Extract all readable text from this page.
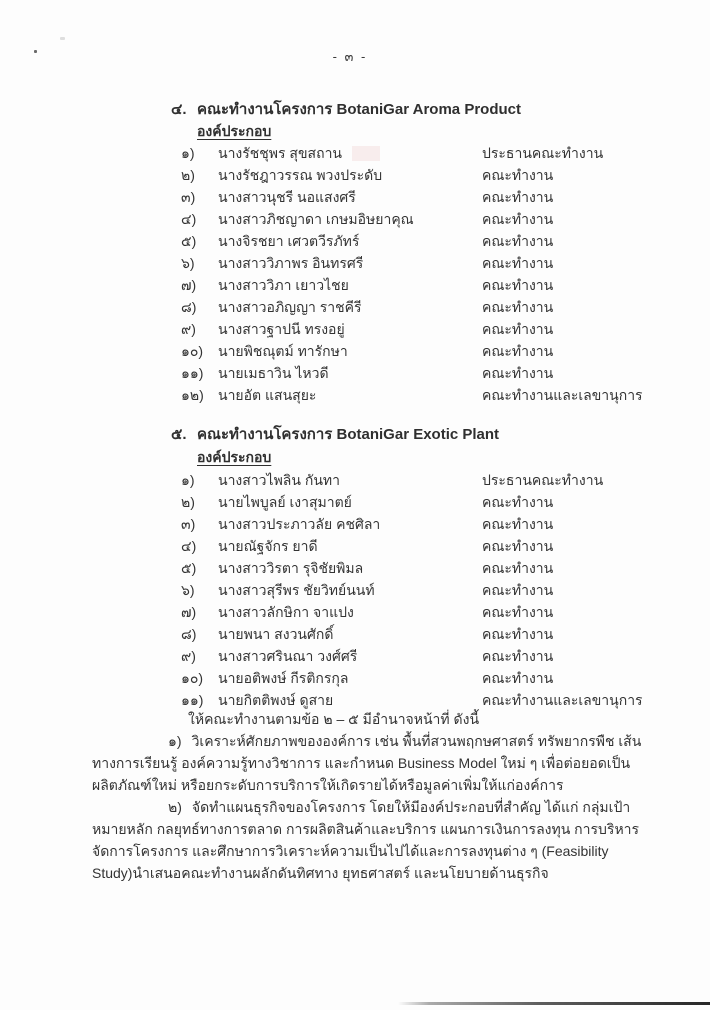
- ๓ -
๔. คณะทำงานโครงการ BotaniGar Aroma Product
องค์ประกอบ
๑)	นางรัชชุพร สุขสถาน	ประธานคณะทำงาน
๒)	นางรัชฎาวรรณ พวงประดับ	คณะทำงาน
๓)	นางสาวนุชรี นอแสงศรี	คณะทำงาน
๔)	นางสาวภิชญาดา เกษมอิษยาคุณ	คณะทำงาน
๕)	นางจิรชยา เศวตวีรภัทร์	คณะทำงาน
๖)	นางสาววิภาพร อินทรศรี	คณะทำงาน
๗)	นางสาววิภา เยาวไชย	คณะทำงาน
๘)	นางสาวอภิญญา ราชคีรี	คณะทำงาน
๙)	นางสาวฐาปนี ทรงอยู่	คณะทำงาน
๑๐)	นายพิชณุตม์ ทารักษา	คณะทำงาน
๑๑)	นายเมธาวิน ไหวดี	คณะทำงาน
๑๒)	นายอัต แสนสุยะ	คณะทำงานและเลขานุการ
๕. คณะทำงานโครงการ BotaniGar Exotic Plant
องค์ประกอบ
๑)	นางสาวไพลิน กันทา	ประธานคณะทำงาน
๒)	นายไพบูลย์ เงาสุมาตย์	คณะทำงาน
๓)	นางสาวประภาวลัย คชศิลา	คณะทำงาน
๔)	นายณัฐจักร ยาดี	คณะทำงาน
๕)	นางสาววิรตา รุจิชัยพิมล	คณะทำงาน
๖)	นางสาวสุรีพร ชัยวิทย์นนท์	คณะทำงาน
๗)	นางสาวลักษิกา จาแปง	คณะทำงาน
๘)	นายพนา สงวนศักดิ์	คณะทำงาน
๙)	นางสาวศรินณา วงศ์ศรี	คณะทำงาน
๑๐)	นายอติพงษ์ กีรติกรกุล	คณะทำงาน
๑๑)	นายกิตติพงษ์ ดูสาย	คณะทำงานและเลขานุการ
ให้คณะทำงานตามข้อ ๒ – ๕ มีอำนาจหน้าที่ ดังนี้
๑) วิเคราะห์ศักยภาพขององค์การ เช่น พื้นที่สวนพฤกษศาสตร์ ทรัพยากรพืช เส้นทางการเรียนรู้ องค์ความรู้ทางวิชาการ และกำหนด Business Model ใหม่ ๆ เพื่อต่อยอดเป็นผลิตภัณฑ์ใหม่ หรือยกระดับการบริการให้เกิดรายได้หรือมูลค่าเพิ่มให้แก่องค์การ
๒) จัดทำแผนธุรกิจของโครงการ โดยให้มีองค์ประกอบที่สำคัญ ได้แก่ กลุ่มเป้าหมายหลัก กลยุทธ์ทางการตลาด การผลิตสินค้าและบริการ แผนการเงินการลงทุน การบริหารจัดการโครงการ และศึกษาการวิเคราะห์ความเป็นไปได้และการลงทุนต่าง ๆ (Feasibility Study)นำเสนอคณะทำงานผลักดันทิศทาง ยุทธศาสตร์ และนโยบายด้านธุรกิจ
